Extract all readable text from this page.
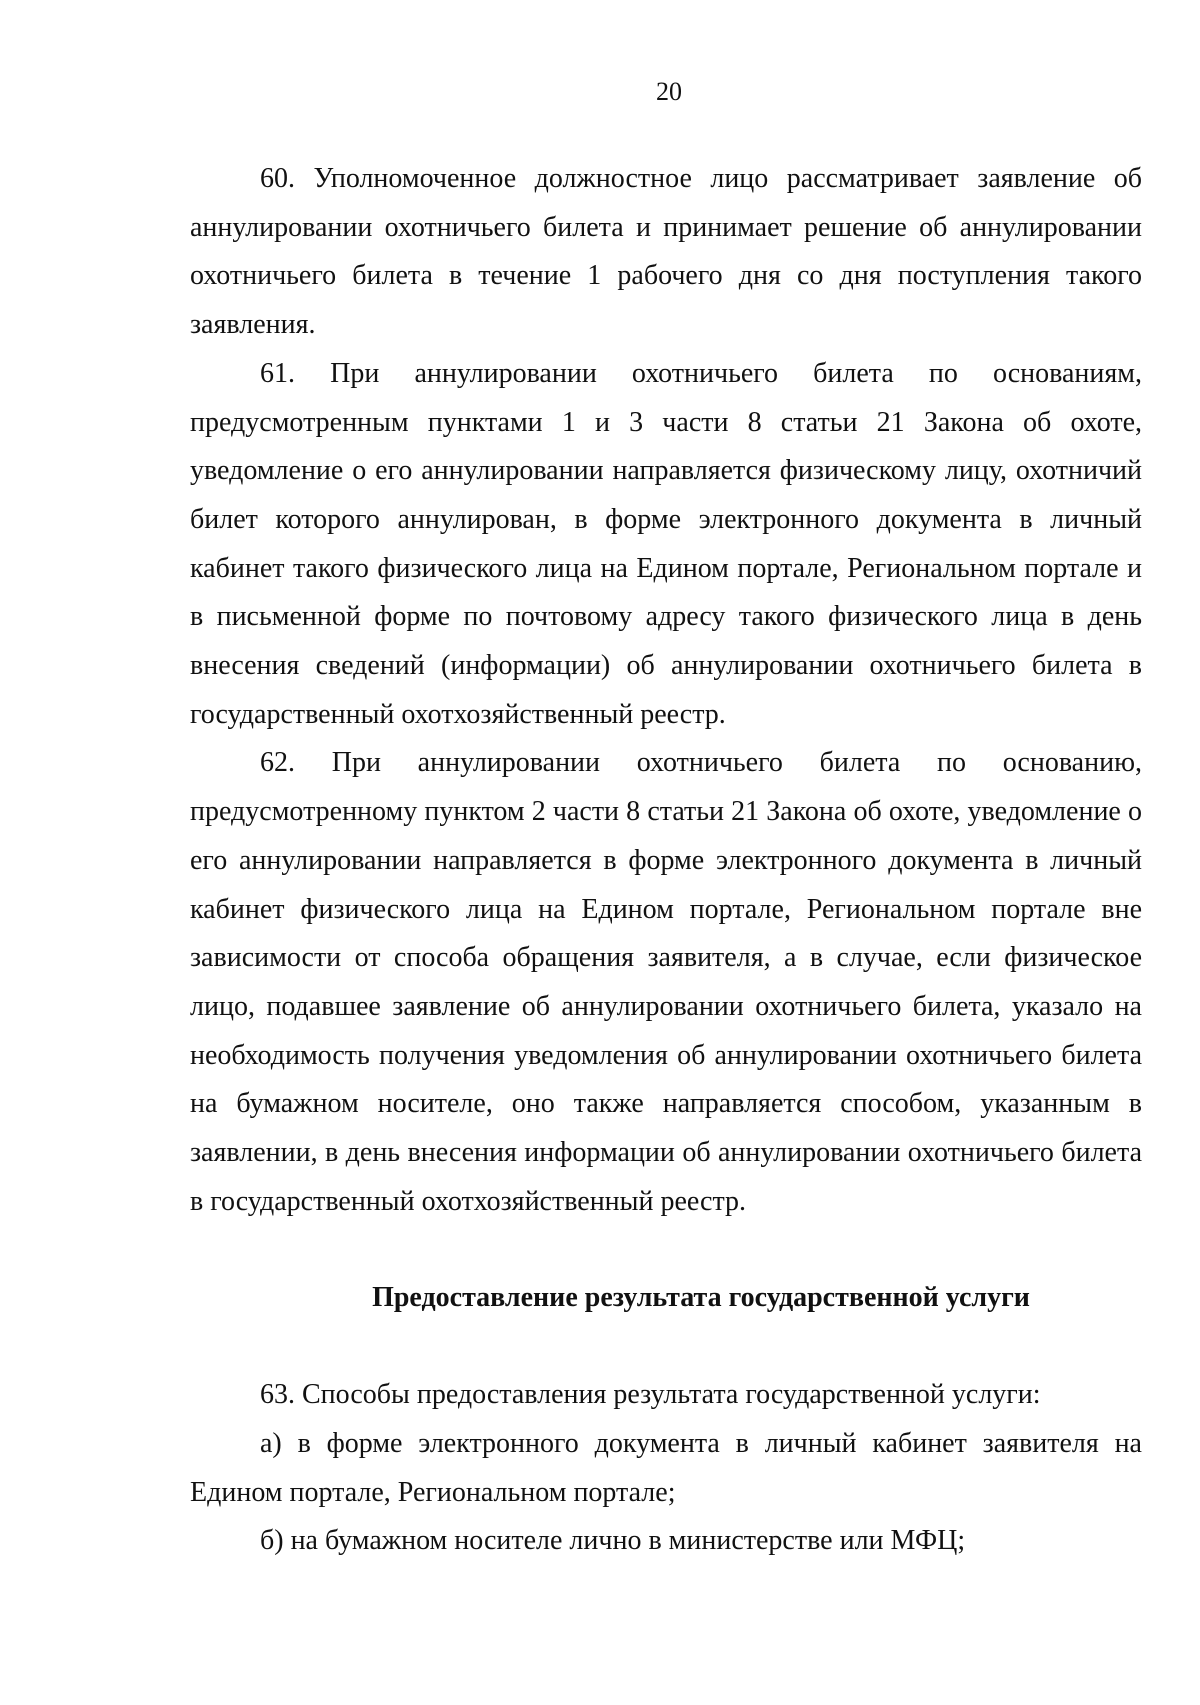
20

60. Уполномоченное должностное лицо рассматривает заявление об аннулировании охотничьего билета и принимает решение об аннулировании охотничьего билета в течение 1 рабочего дня со дня поступления такого заявления.

61. При аннулировании охотничьего билета по основаниям, предусмотренным пунктами 1 и 3 части 8 статьи 21 Закона об охоте, уведомление о его аннулировании направляется физическому лицу, охотничий билет которого аннулирован, в форме электронного документа в личный кабинет такого физического лица на Едином портале, Региональном портале и в письменной форме по почтовому адресу такого физического лица в день внесения сведений (информации) об аннулировании охотничьего билета в государственный охотхозяйственный реестр.

62. При аннулировании охотничьего билета по основанию, предусмотренному пунктом 2 части 8 статьи 21 Закона об охоте, уведомление о его аннулировании направляется в форме электронного документа в личный кабинет физического лица на Едином портале, Региональном портале вне зависимости от способа обращения заявителя, а в случае, если физическое лицо, подавшее заявление об аннулировании охотничьего билета, указало на необходимость получения уведомления об аннулировании охотничьего билета на бумажном носителе, оно также направляется способом, указанным в заявлении, в день внесения информации об аннулировании охотничьего билета в государственный охотхозяйственный реестр.

Предоставление результата государственной услуги

63. Способы предоставления результата государственной услуги:

а) в форме электронного документа в личный кабинет заявителя на Едином портале, Региональном портале;

б) на бумажном носителе лично в министерстве или МФЦ;
